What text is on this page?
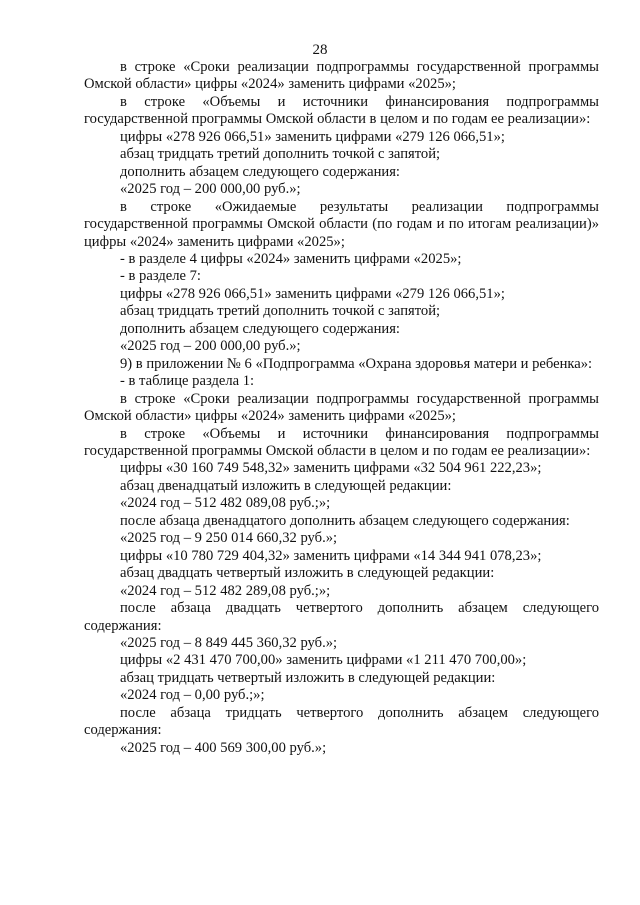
28

в строке «Сроки реализации подпрограммы государственной программы Омской области» цифры «2024» заменить цифрами «2025»;

в строке «Объемы и источники финансирования подпрограммы государственной программы Омской области в целом и по годам ее реализации»:

цифры «278 926 066,51» заменить цифрами «279 126 066,51»;

абзац тридцать третий дополнить точкой с запятой;

дополнить абзацем следующего содержания:

«2025 год – 200 000,00 руб.»;

в строке «Ожидаемые результаты реализации подпрограммы государственной программы Омской области (по годам и по итогам реализации)» цифры «2024» заменить цифрами «2025»;

- в разделе 4 цифры «2024» заменить цифрами «2025»;

- в разделе 7:

цифры «278 926 066,51» заменить цифрами «279 126 066,51»;

абзац тридцать третий дополнить точкой с запятой;

дополнить абзацем следующего содержания:

«2025 год – 200 000,00 руб.»;

9) в приложении № 6 «Подпрограмма «Охрана здоровья матери и ребенка»:

- в таблице раздела 1:

в строке «Сроки реализации подпрограммы государственной программы Омской области» цифры «2024» заменить цифрами «2025»;

в строке «Объемы и источники финансирования подпрограммы государственной программы Омской области в целом и по годам ее реализации»:

цифры «30 160 749 548,32» заменить цифрами «32 504 961 222,23»;

абзац двенадцатый изложить в следующей редакции:

«2024 год – 512 482 089,08 руб.;»;

после абзаца двенадцатого дополнить абзацем следующего содержания:

«2025 год – 9 250 014 660,32 руб.»;

цифры «10 780 729 404,32» заменить цифрами «14 344 941 078,23»;

абзац двадцать четвертый изложить в следующей редакции:

«2024 год – 512 482 289,08 руб.;»;

после абзаца двадцать четвертого дополнить абзацем следующего содержания:

«2025 год – 8 849 445 360,32 руб.»;

цифры «2 431 470 700,00» заменить цифрами «1 211 470 700,00»;

абзац тридцать четвертый изложить в следующей редакции:

«2024 год – 0,00 руб.;»;

после абзаца тридцать четвертого дополнить абзацем следующего содержания:

«2025 год – 400 569 300,00 руб.»;
